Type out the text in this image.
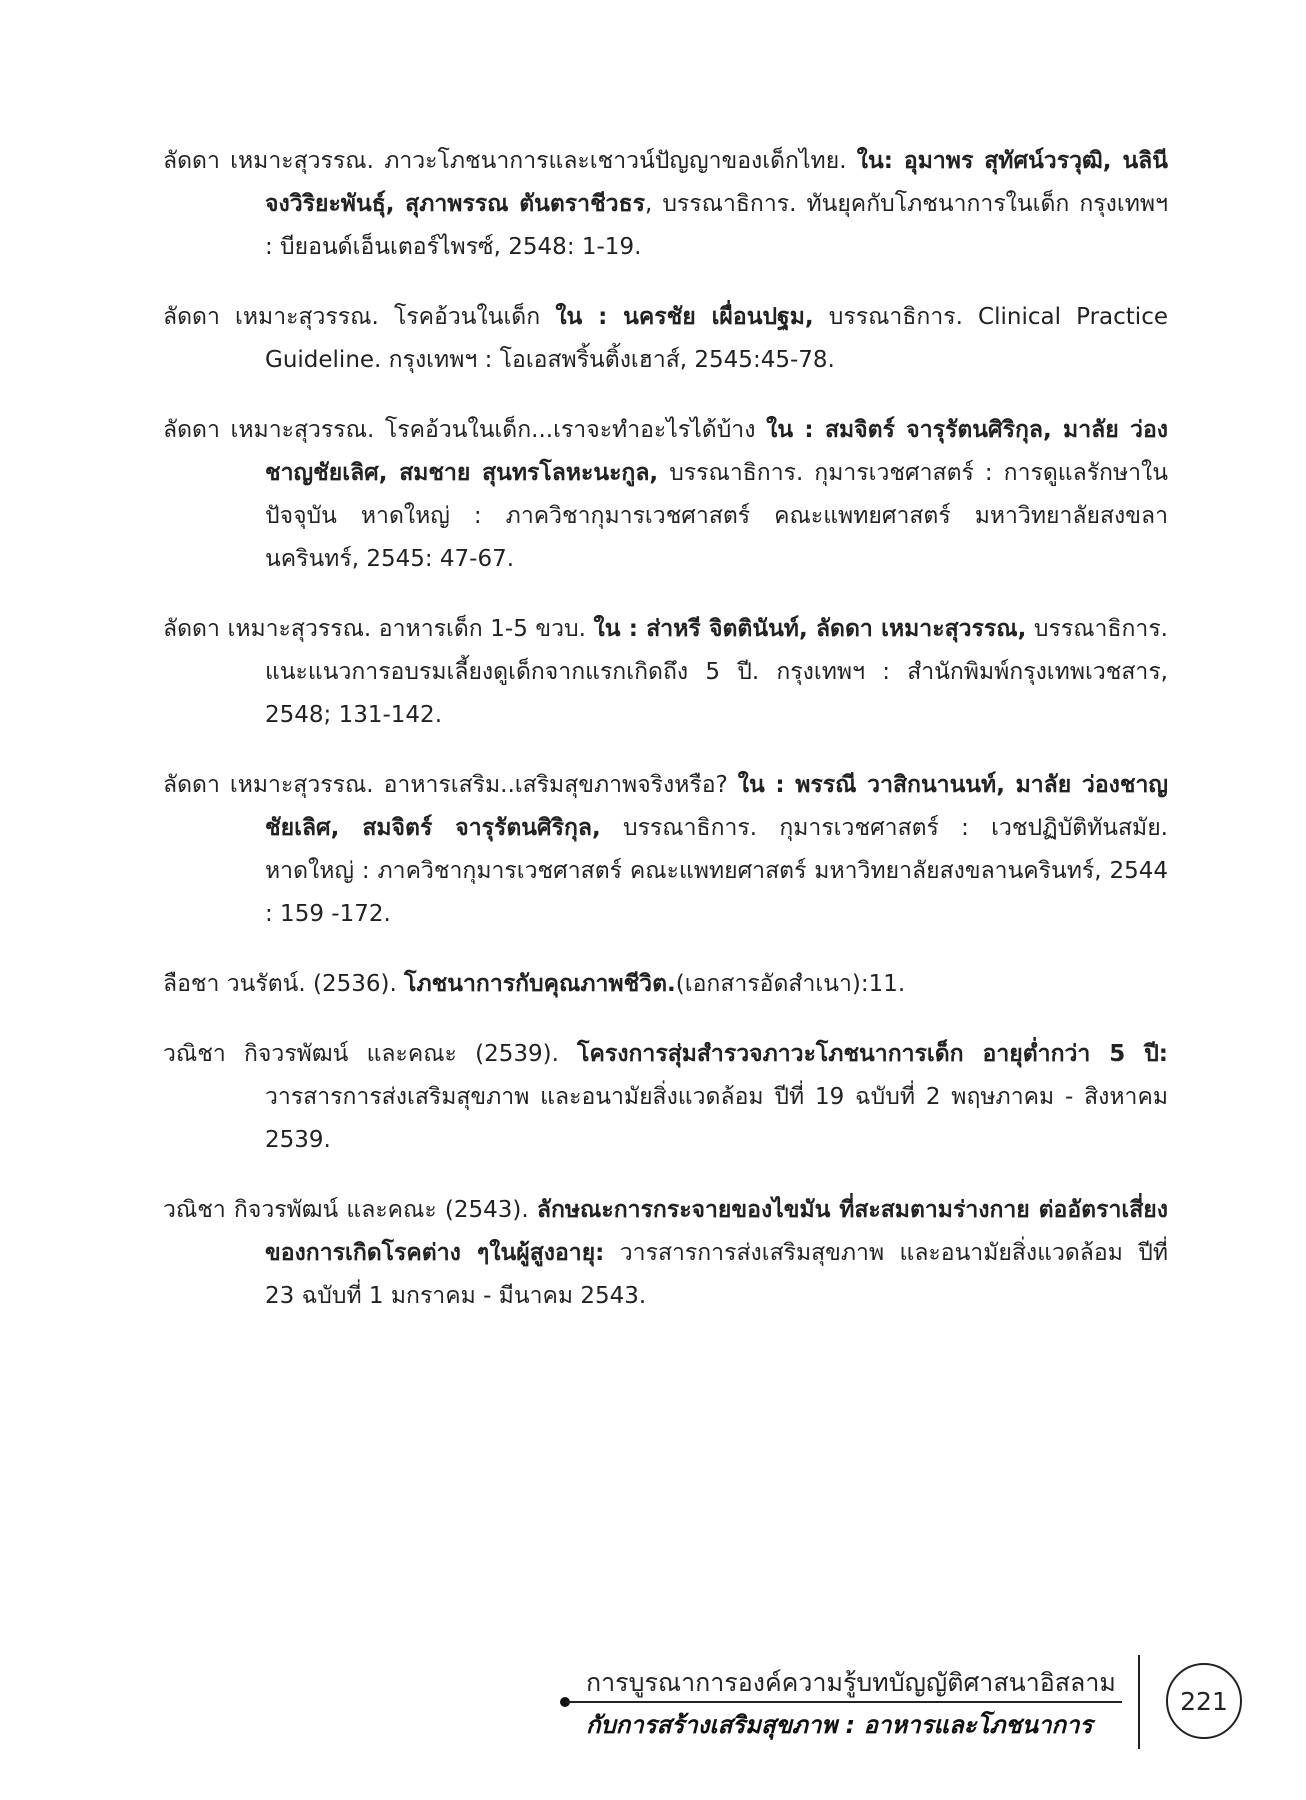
ลัดดา เหมาะสุวรรณ. ภาวะโภชนาการและเชาวน์ปัญญาของเด็กไทย. ใน: อุมาพร สุทัศน์วรวุฒิ, นลินี จงวิริยะพันธุ์, สุภาพรรณ ตันตราชีวธร, บรรณาธิการ. ทันยุคกับโภชนาการในเด็ก กรุงเทพฯ : บียอนด์เอ็นเตอร์ไพรซ์, 2548: 1-19.

ลัดดา เหมาะสุวรรณ. โรคอ้วนในเด็ก ใน : นครชัย เผื่อนปฐม, บรรณาธิการ. Clinical Practice Guideline. กรุงเทพฯ : โอเอสพริ้นติ้งเฮาส์, 2545:45-78.

ลัดดา เหมาะสุวรรณ. โรคอ้วนในเด็ก...เราจะทำอะไรได้บ้าง ใน : สมจิตร์ จารุรัตนศิริกุล, มาลัย ว่องชาญชัยเลิศ, สมชาย สุนทรโลหะนะกูล, บรรณาธิการ. กุมารเวชศาสตร์ : การดูแลรักษาในปัจจุบัน หาดใหญ่ : ภาควิชากุมารเวชศาสตร์ คณะแพทยศาสตร์ มหาวิทยาลัยสงขลานครินทร์, 2545: 47-67.

ลัดดา เหมาะสุวรรณ. อาหารเด็ก 1-5 ขวบ. ใน : ส่าหรี จิตตินันท์, ลัดดา เหมาะสุวรรณ, บรรณาธิการ. แนะแนวการอบรมเลี้ยงดูเด็กจากแรกเกิดถึง 5 ปี. กรุงเทพฯ : สำนักพิมพ์กรุงเทพเวชสาร, 2548; 131-142.

ลัดดา เหมาะสุวรรณ. อาหารเสริม..เสริมสุขภาพจริงหรือ? ใน : พรรณี วาสิกนานนท์, มาลัย ว่องชาญชัยเลิศ, สมจิตร์ จารุรัตนศิริกุล, บรรณาธิการ. กุมารเวชศาสตร์ : เวชปฏิบัติทันสมัย. หาดใหญ่ : ภาควิชากุมารเวชศาสตร์ คณะแพทยศาสตร์ มหาวิทยาลัยสงขลานครินทร์, 2544 : 159 -172.

ลือชา วนรัตน์. (2536). โภชนาการกับคุณภาพชีวิต.(เอกสารอัดสำเนา):11.

วณิชา กิจวรพัฒน์ และคณะ (2539). โครงการสุ่มสำรวจภาวะโภชนาการเด็ก อายุต่ำกว่า 5 ปี: วารสารการส่งเสริมสุขภาพ และอนามัยสิ่งแวดล้อม ปีที่ 19 ฉบับที่ 2 พฤษภาคม - สิงหาคม 2539.

วณิชา กิจวรพัฒน์ และคณะ (2543). ลักษณะการกระจายของไขมัน ที่สะสมตามร่างกาย ต่ออัตราเสี่ยงของการเกิดโรคต่าง ๆในผู้สูงอายุ: วารสารการส่งเสริมสุขภาพ และอนามัยสิ่งแวดล้อม ปีที่ 23 ฉบับที่ 1 มกราคม - มีนาคม 2543.

การบูรณาการองค์ความรู้บทบัญญัติศาสนาอิสลาม
กับการสร้างเสริมสุขภาพ : อาหารและโภชนาการ
221
